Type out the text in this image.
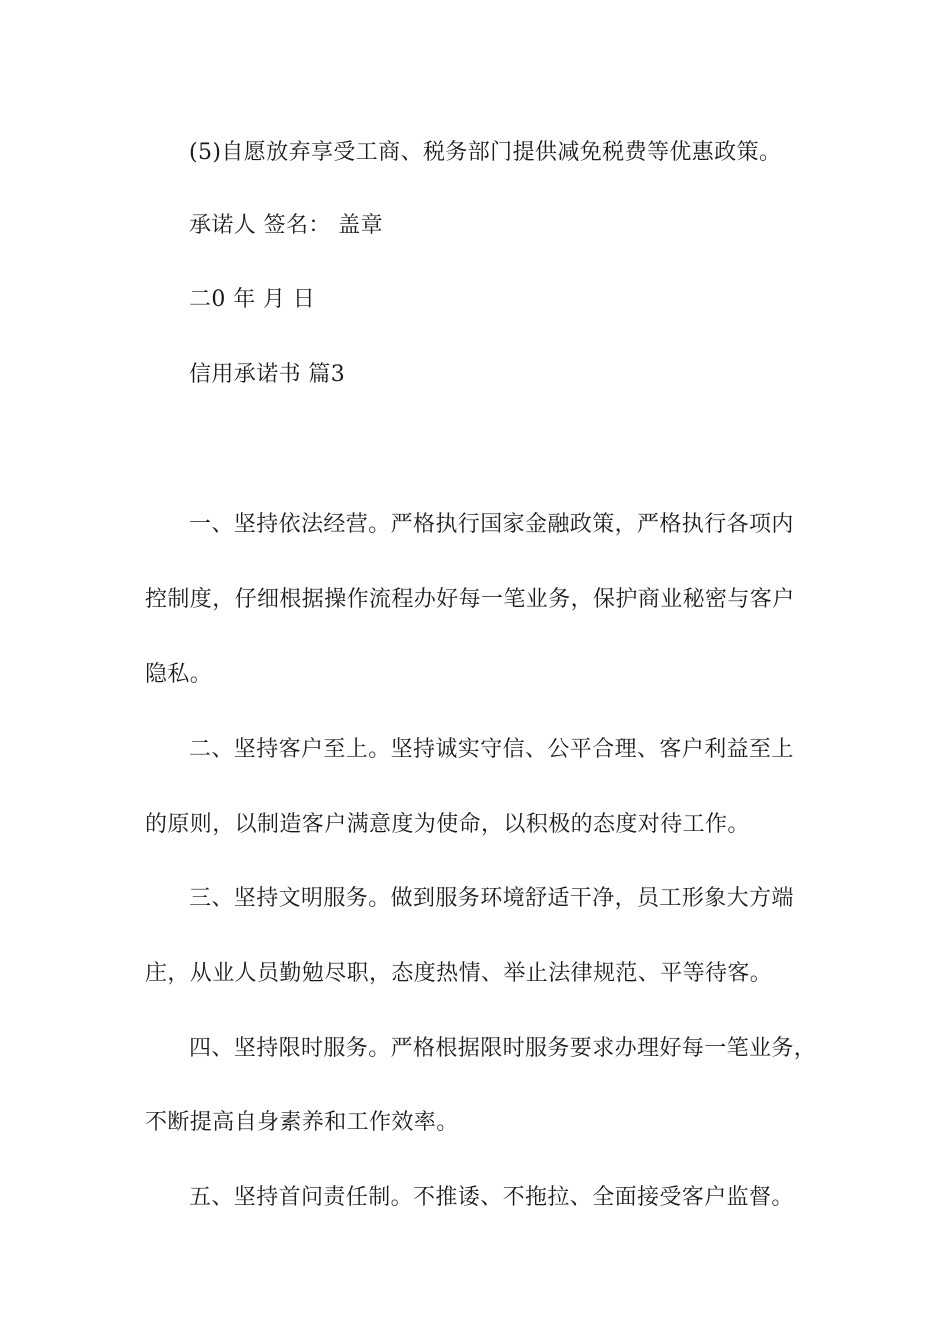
(5)自愿放弃享受工商、税务部门提供减免税费等优惠政策。
承诺人 签名： 盖章
二0 年 月 日
信用承诺书 篇3
一、坚持依法经营。严格执行国家金融政策，严格执行各项内
控制度，仔细根据操作流程办好每一笔业务，保护商业秘密与客户
隐私。
二、坚持客户至上。坚持诚实守信、公平合理、客户利益至上
的原则，以制造客户满意度为使命，以积极的态度对待工作。
三、坚持文明服务。做到服务环境舒适干净，员工形象大方端
庄，从业人员勤勉尽职，态度热情、举止法律规范、平等待客。
四、坚持限时服务。严格根据限时服务要求办理好每一笔业务，
不断提高自身素养和工作效率。
五、坚持首问责任制。不推诿、不拖拉、全面接受客户监督。
